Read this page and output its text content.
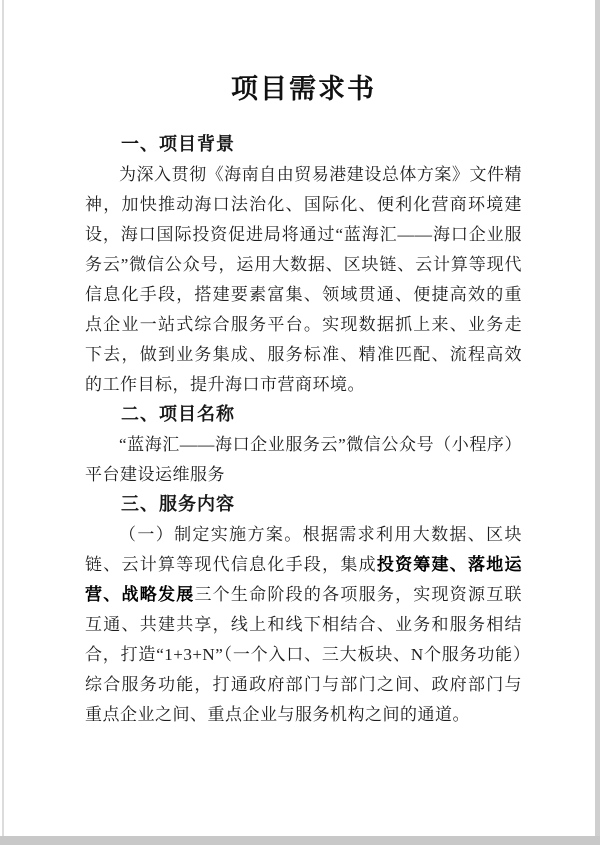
项目需求书
一、项目背景

为深入贯彻《海南自由贸易港建设总体方案》文件精神，加快推动海口法治化、国际化、便利化营商环境建设，海口国际投资促进局将通过“蓝海汇——海口企业服务云”微信公众号，运用大数据、区块链、云计算等现代信息化手段，搭建要素富集、领域贯通、便捷高效的重点企业一站式综合服务平台。实现数据抓上来、业务走下去，做到业务集成、服务标准、精准匹配、流程高效的工作目标，提升海口市营商环境。

二、项目名称

“蓝海汇——海口企业服务云”微信公众号（小程序）平台建设运维服务

三、服务内容

（一）制定实施方案。根据需求利用大数据、区块链、云计算等现代信息化手段，集成投资筹建、落地运营、战略发展三个生命阶段的各项服务，实现资源互联互通、共建共享，线上和线下相结合、业务和服务相结合，打造“1+3+N”（一个入口、三大板块、N个服务功能）综合服务功能，打通政府部门与部门之间、政府部门与重点企业之间、重点企业与服务机构之间的通道。
